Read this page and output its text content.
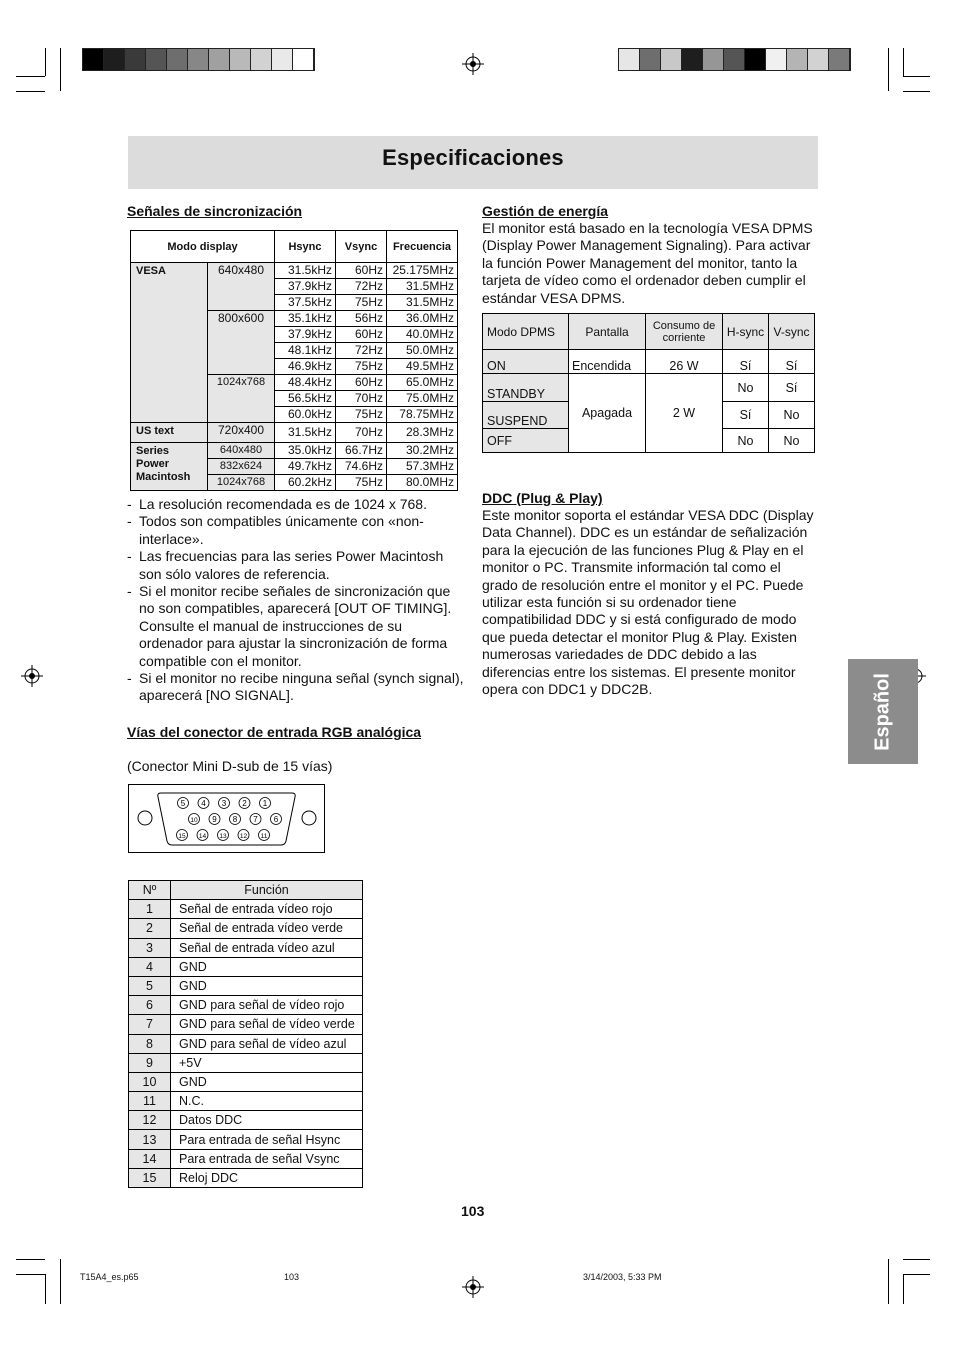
Especificaciones
Señales de sincronización
Modo display		Hsync	Vsync	Frecuencia
VESA	640x480	31.5kHz	60Hz	25.175MHz
		37.9kHz	72Hz	31.5MHz
		37.5kHz	75Hz	31.5MHz
	800x600	35.1kHz	56Hz	36.0MHz
		37.9kHz	60Hz	40.0MHz
		48.1kHz	72Hz	50.0MHz
		46.9kHz	75Hz	49.5MHz
	1024x768	48.4kHz	60Hz	65.0MHz
		56.5kHz	70Hz	75.0MHz
		60.0kHz	75Hz	78.75MHz
US text	720x400	31.5kHz	70Hz	28.3MHz
Series Power Macintosh	640x480	35.0kHz	66.7Hz	30.2MHz
	832x624	49.7kHz	74.6Hz	57.3MHz
	1024x768	60.2kHz	75Hz	80.0MHz
- La resolución recomendada es de 1024 x 768.
- Todos son compatibles únicamente con «non-interlace».
- Las frecuencias para las series Power Macintosh son sólo valores de referencia.
- Si el monitor recibe señales de sincronización que no son compatibles, aparecerá [OUT OF TIMING]. Consulte el manual de instrucciones de su ordenador para ajustar la sincronización de forma compatible con el monitor.
- Si el monitor no recibe ninguna señal (synch signal), aparecerá [NO SIGNAL].
Vías del conector de entrada RGB analógica
(Conector Mini D-sub de 15 vías)
5 4 3 2 1
10 9 8 7 6
15 14 13 12 11
Nº	Función
1	Señal de entrada vídeo rojo
2	Señal de entrada vídeo verde
3	Señal de entrada vídeo azul
4	GND
5	GND
6	GND para señal de vídeo rojo
7	GND para señal de vídeo verde
8	GND para señal de vídeo azul
9	+5V
10	GND
11	N.C.
12	Datos DDC
13	Para entrada de señal Hsync
14	Para entrada de señal Vsync
15	Reloj DDC
Gestión de energía
El monitor está basado en la tecnología VESA DPMS (Display Power Management Signaling). Para activar la función Power Management del monitor, tanto la tarjeta de vídeo como el ordenador deben cumplir el estándar VESA DPMS.
Modo DPMS	Pantalla	Consumo de corriente	H-sync	V-sync
ON	Encendida	26 W	Sí	Sí
STANDBY	Apagada	2 W	No	Sí
SUSPEND			Sí	No
OFF			No	No
DDC (Plug & Play)
Este monitor soporta el estándar VESA DDC (Display Data Channel). DDC es un estándar de señalización para la ejecución de las funciones Plug & Play en el monitor o PC. Transmite información tal como el grado de resolución entre el monitor y el PC. Puede utilizar esta función si su ordenador tiene compatibilidad DDC y si está configurado de modo que pueda detectar el monitor Plug & Play. Existen numerosas variedades de DDC debido a las diferencias entre los sistemas. El presente monitor opera con DDC1 y DDC2B.	Español
103
T15A4_es.p65	103	3/14/2003, 5:33 PM
